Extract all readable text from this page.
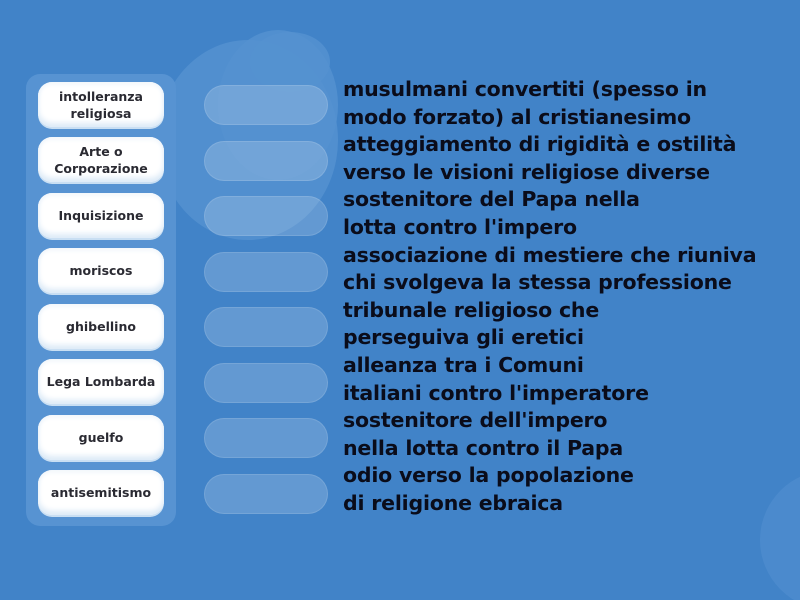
intolleranza religiosa
Arte o Corporazione
Inquisizione
moriscos
ghibellino
Lega Lombarda
guelfo
antisemitismo
musulmani convertiti (spesso in
modo forzato) al cristianesimo
atteggiamento di rigidità e ostilità
verso le visioni religiose diverse
sostenitore del Papa nella
lotta contro l'impero
associazione di mestiere che riuniva
chi svolgeva la stessa professione
tribunale religioso che
perseguiva gli eretici
alleanza tra i Comuni
italiani contro l'imperatore
sostenitore dell'impero
nella lotta contro il Papa
odio verso la popolazione
di religione ebraica
